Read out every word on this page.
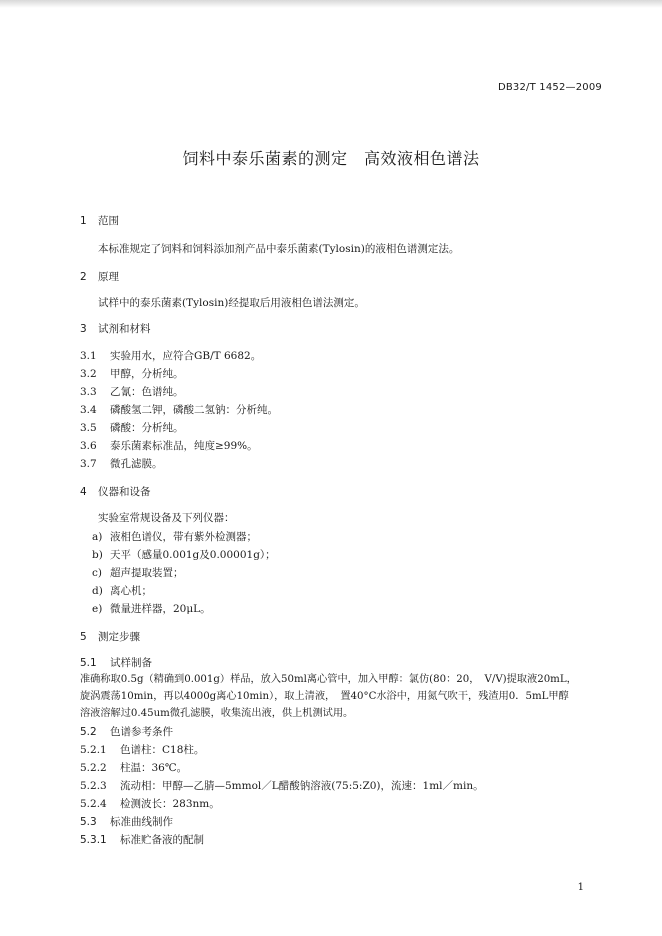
DB32/T 1452—2009
饲料中泰乐菌素的测定　高效液相色谱法
1 范围
本标准规定了饲料和饲料添加剂产品中泰乐菌素(Tylosin)的液相色谱测定法。
2 原理
试样中的泰乐菌素(Tylosin)经提取后用液相色谱法测定。
3 试剂和材料
3.1 实验用水，应符合GB/T 6682。
3.2 甲醇，分析纯。
3.3 乙氰：色谱纯。
3.4 磷酸氢二钾，磷酸二氢钠：分析纯。
3.5 磷酸：分析纯。
3.6 泰乐菌素标准品，纯度≥99%。
3.7 微孔滤膜。
4 仪器和设备
实验室常规设备及下列仪器：
a) 液相色谱仪，带有紫外检测器；
b) 天平（感量0.001g及0.00001g）；
c) 超声提取装置；
d) 离心机；
e) 微量进样器，20μL。
5 测定步骤
5.1 试样制备
准确称取0.5g（精确到0.001g）样品，放入50ml离心管中，加入甲醇：氯仿(80：20，　V/V)提取液20mL，
旋涡震荡10min，再以4000g离心10min），取上清液，　置40°C水浴中，用氮气吹干，残渣用0．5mL甲醇
溶液溶解过0.45um微孔滤膜，收集流出液，供上机测试用。
5.2 色谱参考条件
5.2.1 色谱柱：C18柱。
5.2.2 柱温：36℃。
5.2.3 流动相：甲醇—乙腈—5mmol／L醋酸钠溶液(75:5:Z0)，流速：1ml／min。
5.2.4 检测波长：283nm。
5.3 标准曲线制作
5.3.1 标准贮备液的配制
1
